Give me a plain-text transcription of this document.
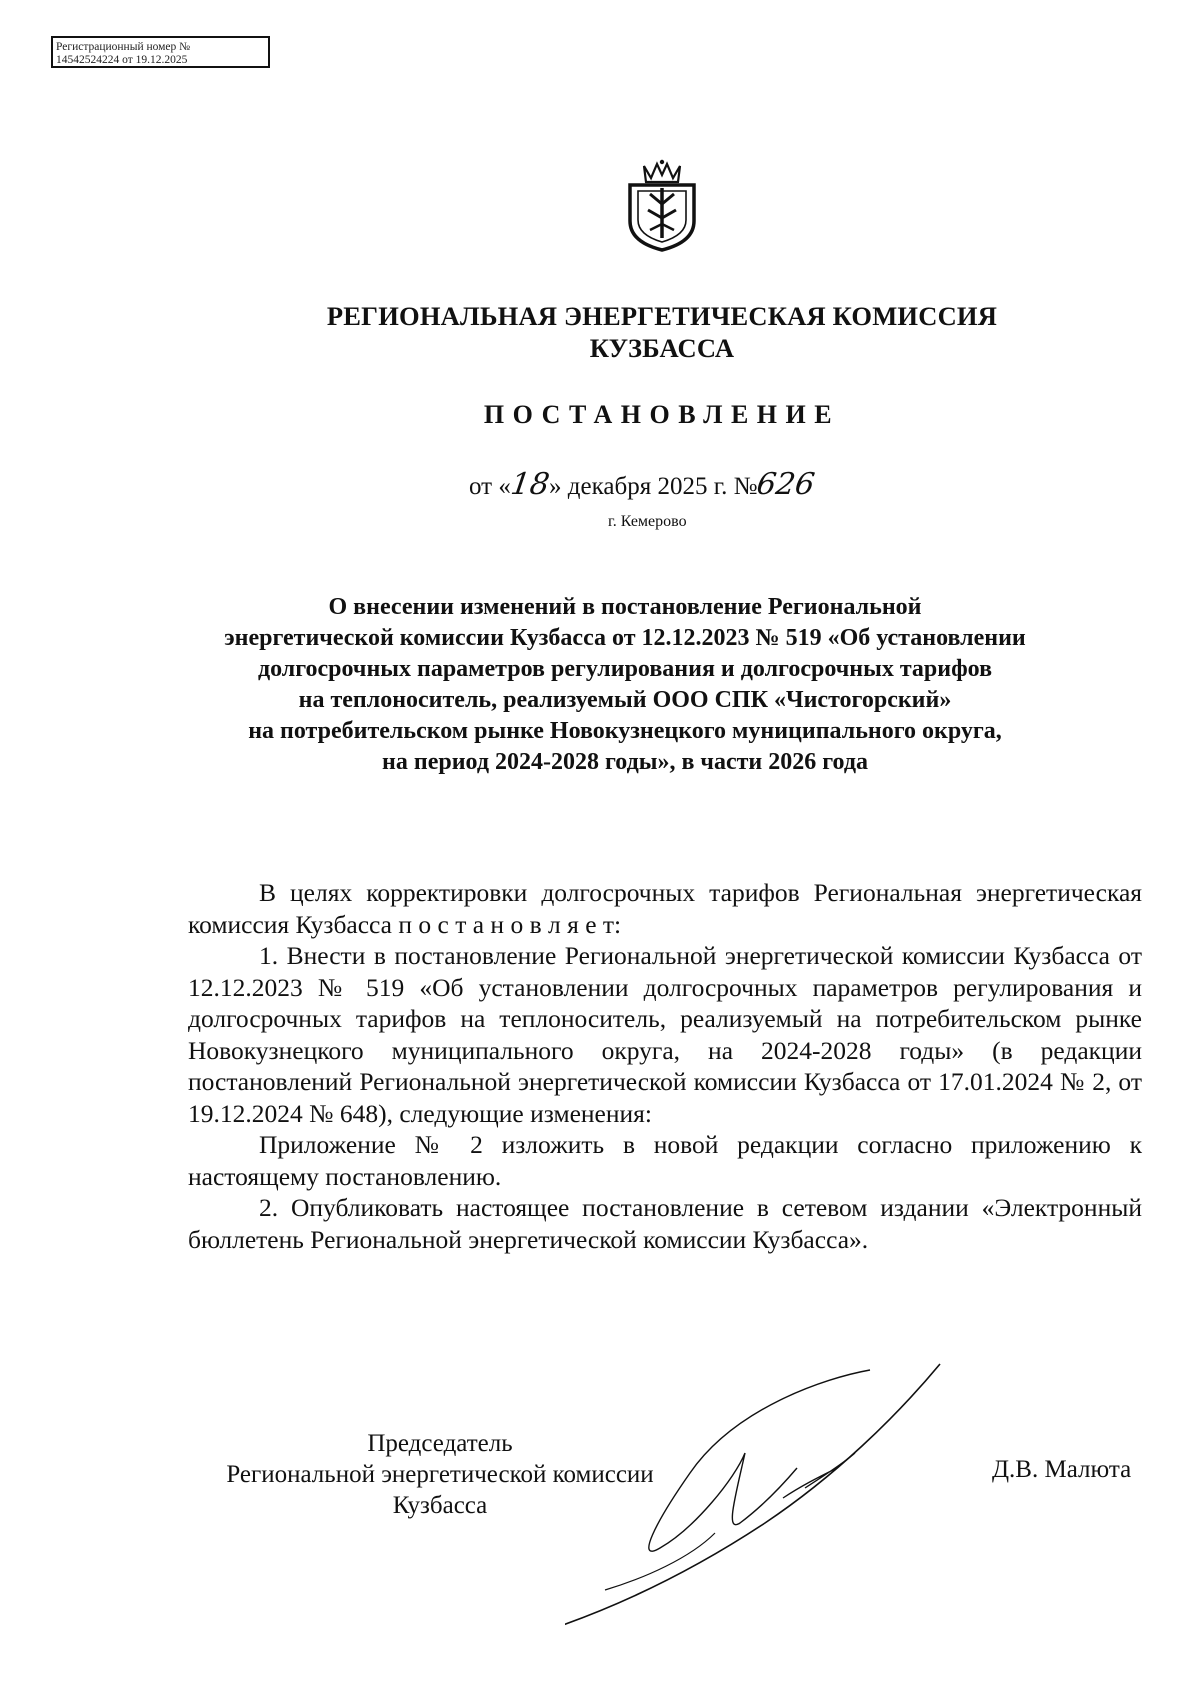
Регистрационный номер №
14542524224 от 19.12.2025
РЕГИОНАЛЬНАЯ ЭНЕРГЕТИЧЕСКАЯ КОМИССИЯ
КУЗБАССА
ПОСТАНОВЛЕНИЕ
от «18» декабря 2025 г. №626
г. Кемерово
О внесении изменений в постановление Региональной
энергетической комиссии Кузбасса от 12.12.2023 № 519 «Об установлении
долгосрочных параметров регулирования и долгосрочных тарифов
на теплоноситель, реализуемый ООО СПК «Чистогорский»
на потребительском рынке Новокузнецкого муниципального округа,
на период 2024-2028 годы», в части 2026 года

В целях корректировки долгосрочных тарифов Региональная энергетическая комиссия Кузбасса п о с т а н о в л я е т:

1. Внести в постановление Региональной энергетической комиссии Кузбасса от 12.12.2023 № 519 «Об установлении долгосрочных параметров регулирования и долгосрочных тарифов на теплоноситель, реализуемый на потребительском рынке Новокузнецкого муниципального округа, на 2024-2028 годы» (в редакции постановлений Региональной энергетической комиссии Кузбасса от 17.01.2024 № 2, от 19.12.2024 № 648), следующие изменения:

Приложение № 2 изложить в новой редакции согласно приложению к настоящему постановлению.

2. Опубликовать настоящее постановление в сетевом издании «Электронный бюллетень Региональной энергетической комиссии Кузбасса».

Председатель
Региональной энергетической комиссии
Кузбасса
Д.В. Малюта
